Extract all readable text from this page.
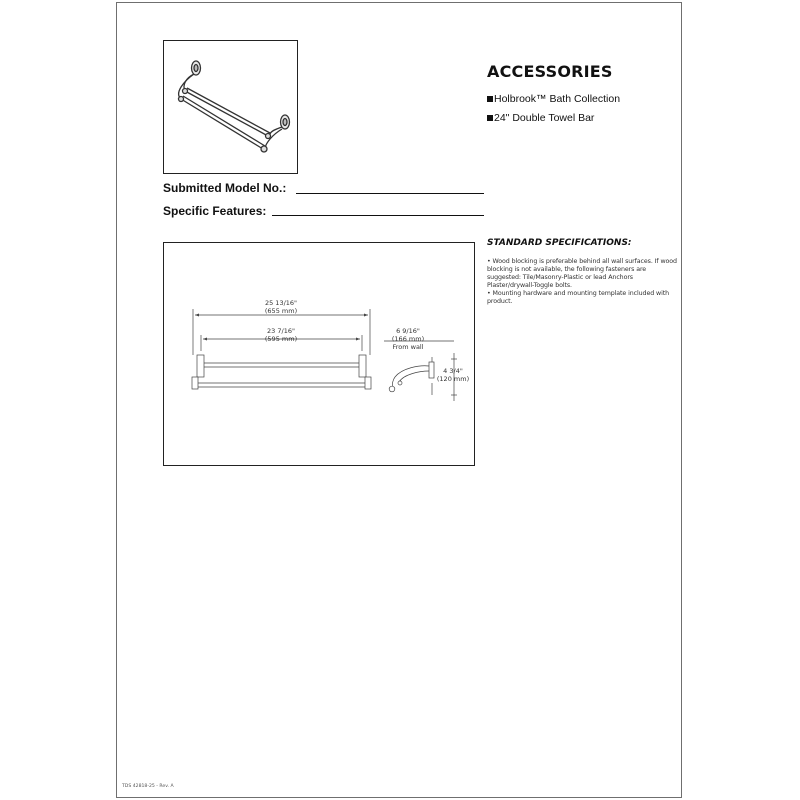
ACCESSORIES
Holbrook™ Bath Collection
24" Double Towel Bar
Submitted Model No.:
Specific Features:
25 13/16"
(655 mm)
23 7/16"
(595 mm)
6 9/16"
(166 mm)
From wall
4 3/4"
(120 mm)
STANDARD SPECIFICATIONS:
• Wood blocking is preferable behind all wall surfaces. If wood blocking is not available, the following fasteners are suggested: Tile/Masonry-Plastic or lead Anchors Plaster/drywall-Toggle bolts.
• Mounting hardware and mounting template included with product.
TDS 42818-25 - Rev. A
